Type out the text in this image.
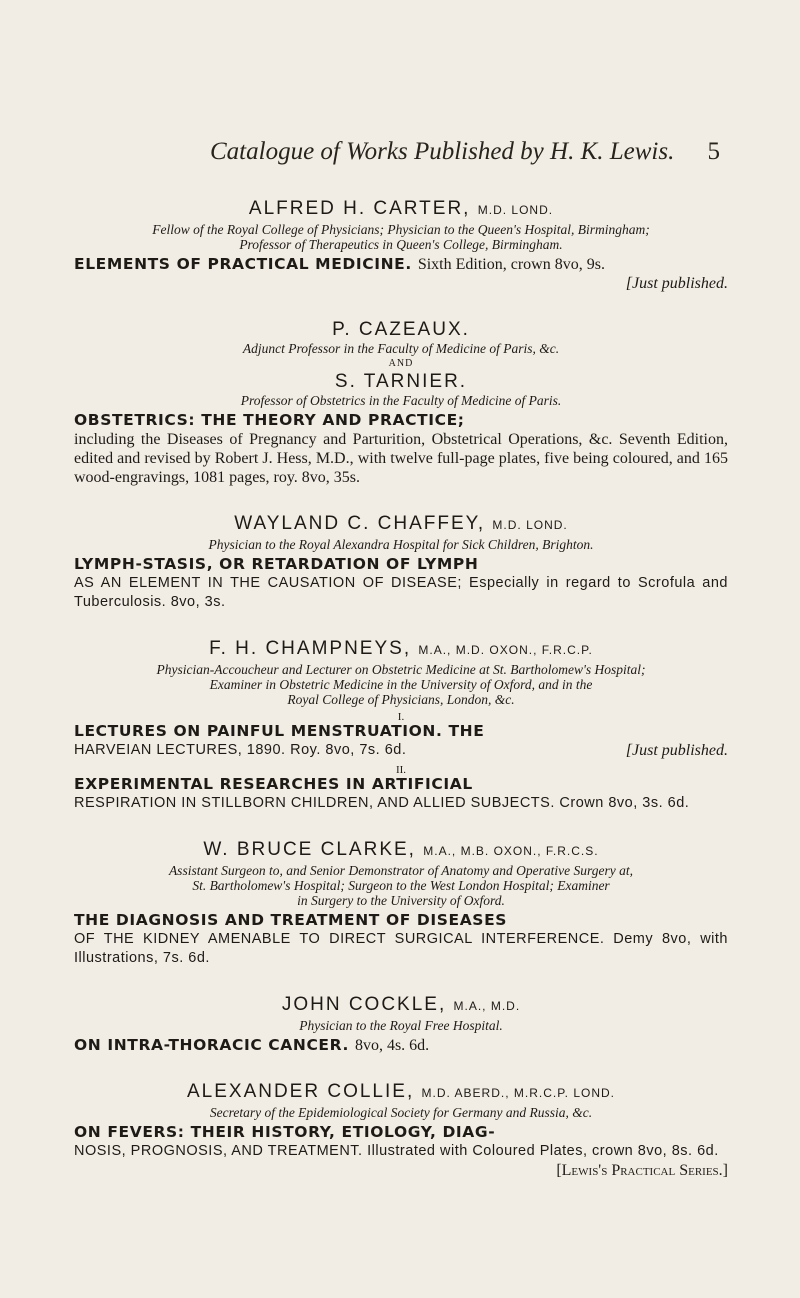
Catalogue of Works Published by H. K. Lewis. 5
ALFRED H. CARTER, M.D. LOND.

Fellow of the Royal College of Physicians; Physician to the Queen's Hospital, Birmingham;

Professor of Therapeutics in Queen's College, Birmingham.

ELEMENTS OF PRACTICAL MEDICINE. Sixth Edition, crown 8vo, 9s.

[Just published.

P. CAZEAUX.

Adjunct Professor in the Faculty of Medicine of Paris, &c.

AND
S. TARNIER.

Professor of Obstetrics in the Faculty of Medicine of Paris.

OBSTETRICS: THE THEORY AND PRACTICE;

including the Diseases of Pregnancy and Parturition, Obstetrical Operations, &c. Seventh Edition, edited and revised by Robert J. Hess, M.D., with twelve full-page plates, five being coloured, and 165 wood-engravings, 1081 pages, roy. 8vo, 35s.

WAYLAND C. CHAFFEY, M.D. LOND.

Physician to the Royal Alexandra Hospital for Sick Children, Brighton.

LYMPH-STASIS, OR RETARDATION OF LYMPH

AS AN ELEMENT IN THE CAUSATION OF DISEASE; Especially in regard to Scrofula and Tuberculosis. 8vo, 3s.

F. H. CHAMPNEYS, M.A., M.D. OXON., F.R.C.P.

Physician-Accoucheur and Lecturer on Obstetric Medicine at St. Bartholomew's Hospital;

Examiner in Obstetric Medicine in the University of Oxford, and in the

Royal College of Physicians, London, &c.

I.

LECTURES ON PAINFUL MENSTRUATION. THE

[Just published.
HARVEIAN LECTURES, 1890. Roy. 8vo, 7s. 6d.

II.

EXPERIMENTAL RESEARCHES IN ARTIFICIAL

RESPIRATION IN STILLBORN CHILDREN, AND ALLIED SUBJECTS. Crown 8vo, 3s. 6d.

W. BRUCE CLARKE, M.A., M.B. OXON., F.R.C.S.

Assistant Surgeon to, and Senior Demonstrator of Anatomy and Operative Surgery at,

St. Bartholomew's Hospital; Surgeon to the West London Hospital; Examiner

in Surgery to the University of Oxford.

THE DIAGNOSIS AND TREATMENT OF DISEASES

OF THE KIDNEY AMENABLE TO DIRECT SURGICAL INTERFERENCE. Demy 8vo, with Illustrations, 7s. 6d.

JOHN COCKLE, M.A., M.D.

Physician to the Royal Free Hospital.

ON INTRA-THORACIC CANCER. 8vo, 4s. 6d.

ALEXANDER COLLIE, M.D. ABERD., M.R.C.P. LOND.

Secretary of the Epidemiological Society for Germany and Russia, &c.

ON FEVERS: THEIR HISTORY, ETIOLOGY, DIAG-

NOSIS, PROGNOSIS, AND TREATMENT. Illustrated with Coloured Plates, crown 8vo, 8s. 6d.
[Lewis's Practical Series.]
